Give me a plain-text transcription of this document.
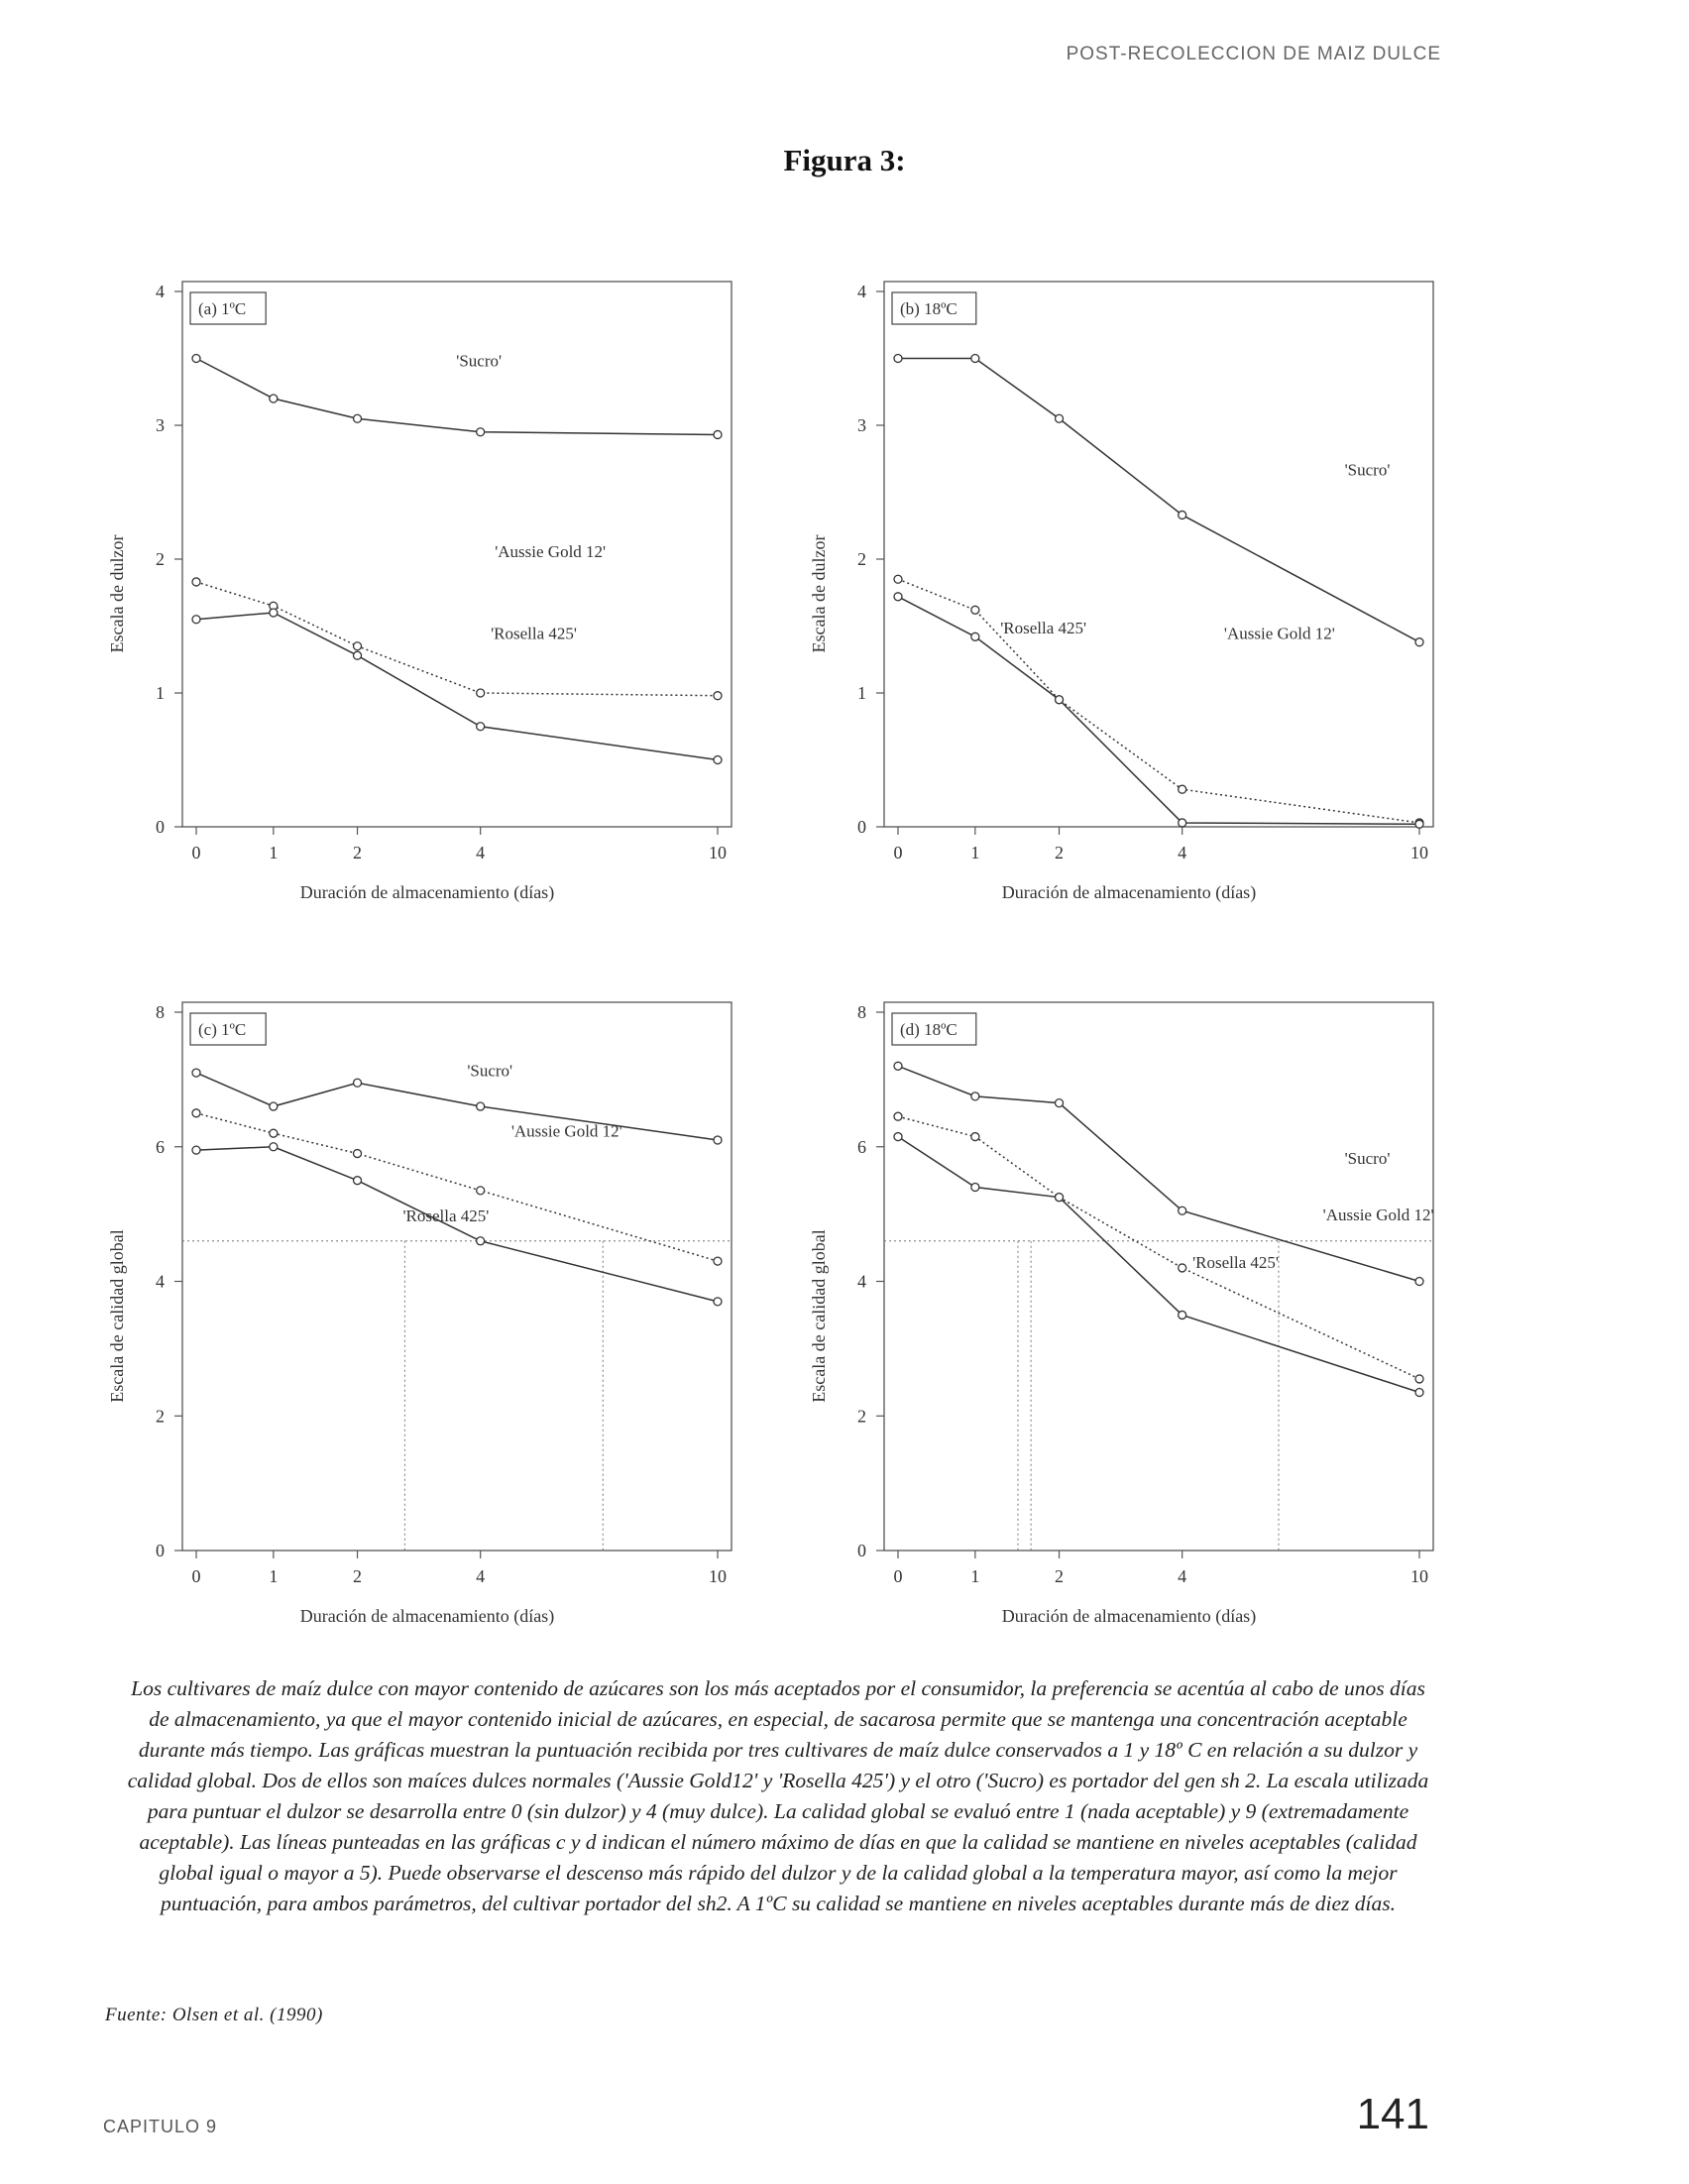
POST-RECOLECCION DE MAIZ DULCE
Figura 3:
0
1
2
3
4
0	1	2	4	10
Duración de almacenamiento (días)
Escala de dulzor
(a) 1ºC
'Sucro'
'Aussie Gold 12'
'Rosella 425'
0
1
2
3
4
0	1	2	4	10
Duración de almacenamiento (días)
Escala de dulzor
(b) 18ºC
'Sucro'
'Aussie Gold 12'
'Rosella 425'
0
2
4
6
8
0	1	2	4	10
Duración de almacenamiento (días)
Escala de calidad global
(c) 1ºC
'Sucro'
'Aussie Gold 12'
'Rosella 425'
0
2
4
6
8
0	1	2	4	10
Duración de almacenamiento (días)
Escala de calidad global
(d) 18ºC
'Sucro'
'Aussie Gold 12'
'Rosella 425'

Los cultivares de maíz dulce con mayor contenido de azúcares son los más aceptados por el consumidor, la preferencia se acentúa al cabo de unos días de almacenamiento, ya que el mayor contenido inicial de azúcares, en especial, de sacarosa permite que se mantenga una concentración aceptable durante más tiempo. Las gráficas muestran la puntuación recibida por tres cultivares de maíz dulce conservados a 1 y 18º C en relación a su dulzor y calidad global. Dos de ellos son maíces dulces normales ('Aussie Gold12' y 'Rosella 425') y el otro ('Sucro) es portador del gen sh 2. La escala utilizada para puntuar el dulzor se desarrolla entre 0 (sin dulzor) y 4 (muy dulce). La calidad global se evaluó entre 1 (nada aceptable) y 9 (extremadamente aceptable). Las líneas punteadas en las gráficas c y d indican el número máximo de días en que la calidad se mantiene en niveles aceptables (calidad global igual o mayor a 5). Puede observarse el descenso más rápido del dulzor y de la calidad global a la temperatura mayor, así como la mejor puntuación, para ambos parámetros, del cultivar portador del sh2. A 1ºC su calidad se mantiene en niveles aceptables durante más de diez días.

Fuente: Olsen et al. (1990)
CAPITULO 9	141
